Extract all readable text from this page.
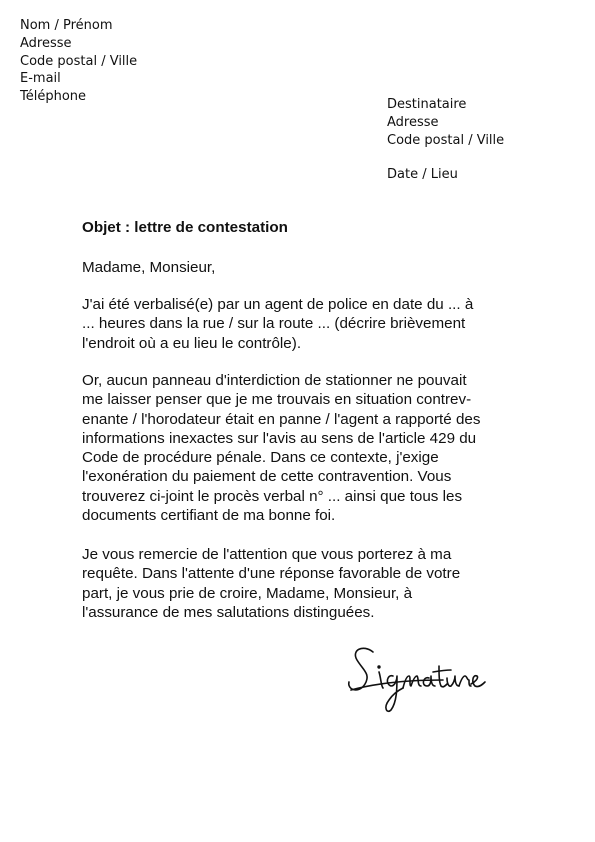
Nom / Prénom
Adresse
Code postal / Ville
E-mail
Téléphone
Destinataire
Adresse
Code postal / Ville
Date / Lieu
Objet : lettre de contestation
Madame, Monsieur,
J'ai été verbalisé(e) par un agent de police en date du ... à
... heures dans la rue / sur la route ... (décrire brièvement
l'endroit où a eu lieu le contrôle).
Or, aucun panneau d'interdiction de stationner ne pouvait
me laisser penser que je me trouvais en situation contrev-
enante / l'horodateur était en panne / l'agent a rapporté des
informations inexactes sur l'avis au sens de l'article 429 du
Code de procédure pénale. Dans ce contexte, j'exige
l'exonération du paiement de cette contravention. Vous
trouverez ci-joint le procès verbal n° ... ainsi que tous les
documents certifiant de ma bonne foi.
Je vous remercie de l'attention que vous porterez à ma
requête. Dans l'attente d'une réponse favorable de votre
part, je vous prie de croire, Madame, Monsieur, à
l'assurance de mes salutations distinguées.
